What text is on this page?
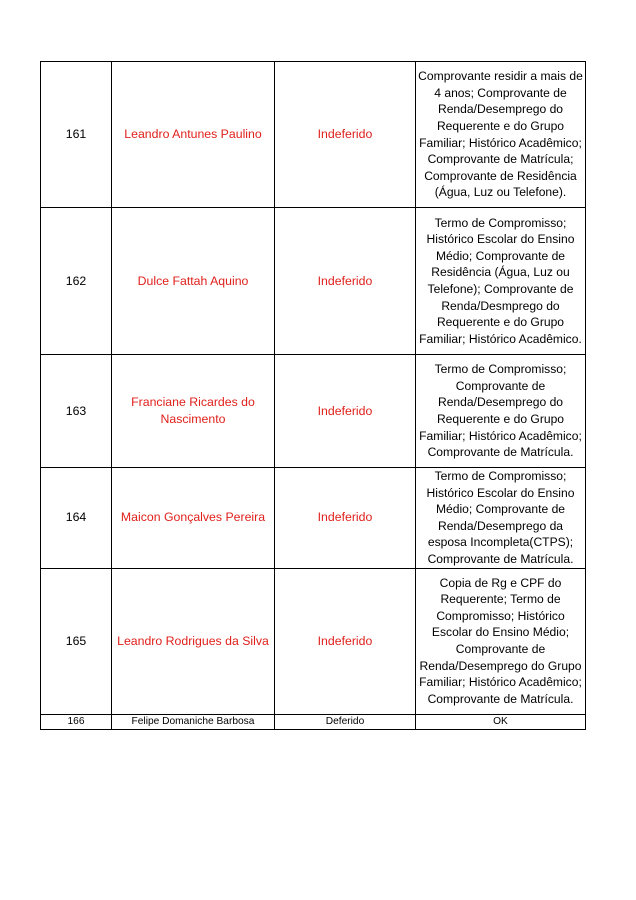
161	Leandro Antunes Paulino	Indeferido	Comprovante residir a mais de 4 anos; Comprovante de Renda/Desemprego do Requerente e do Grupo Familiar; Histórico Acadêmico; Comprovante de Matrícula; Comprovante de Residência (Água, Luz ou Telefone).
162	Dulce Fattah Aquino	Indeferido	Termo de Compromisso; Histórico Escolar do Ensino Médio; Comprovante de Residência (Água, Luz ou Telefone); Comprovante de Renda/Desmprego do Requerente e do Grupo Familiar; Histórico Acadêmico.
163	Franciane Ricardes do Nascimento	Indeferido	Termo de Compromisso; Comprovante de Renda/Desemprego do Requerente e do Grupo Familiar; Histórico Acadêmico; Comprovante de Matrícula.
164	Maicon Gonçalves Pereira	Indeferido	Termo de Compromisso; Histórico Escolar do Ensino Médio; Comprovante de Renda/Desemprego da esposa Incompleta(CTPS); Comprovante de Matrícula.
165	Leandro Rodrigues da Silva	Indeferido	Copia de Rg e CPF do Requerente; Termo de Compromisso; Histórico Escolar do Ensino Médio; Comprovante de Renda/Desemprego do Grupo Familiar; Histórico Acadêmico; Comprovante de Matrícula.
166	Felipe Domaniche Barbosa	Deferido	OK
